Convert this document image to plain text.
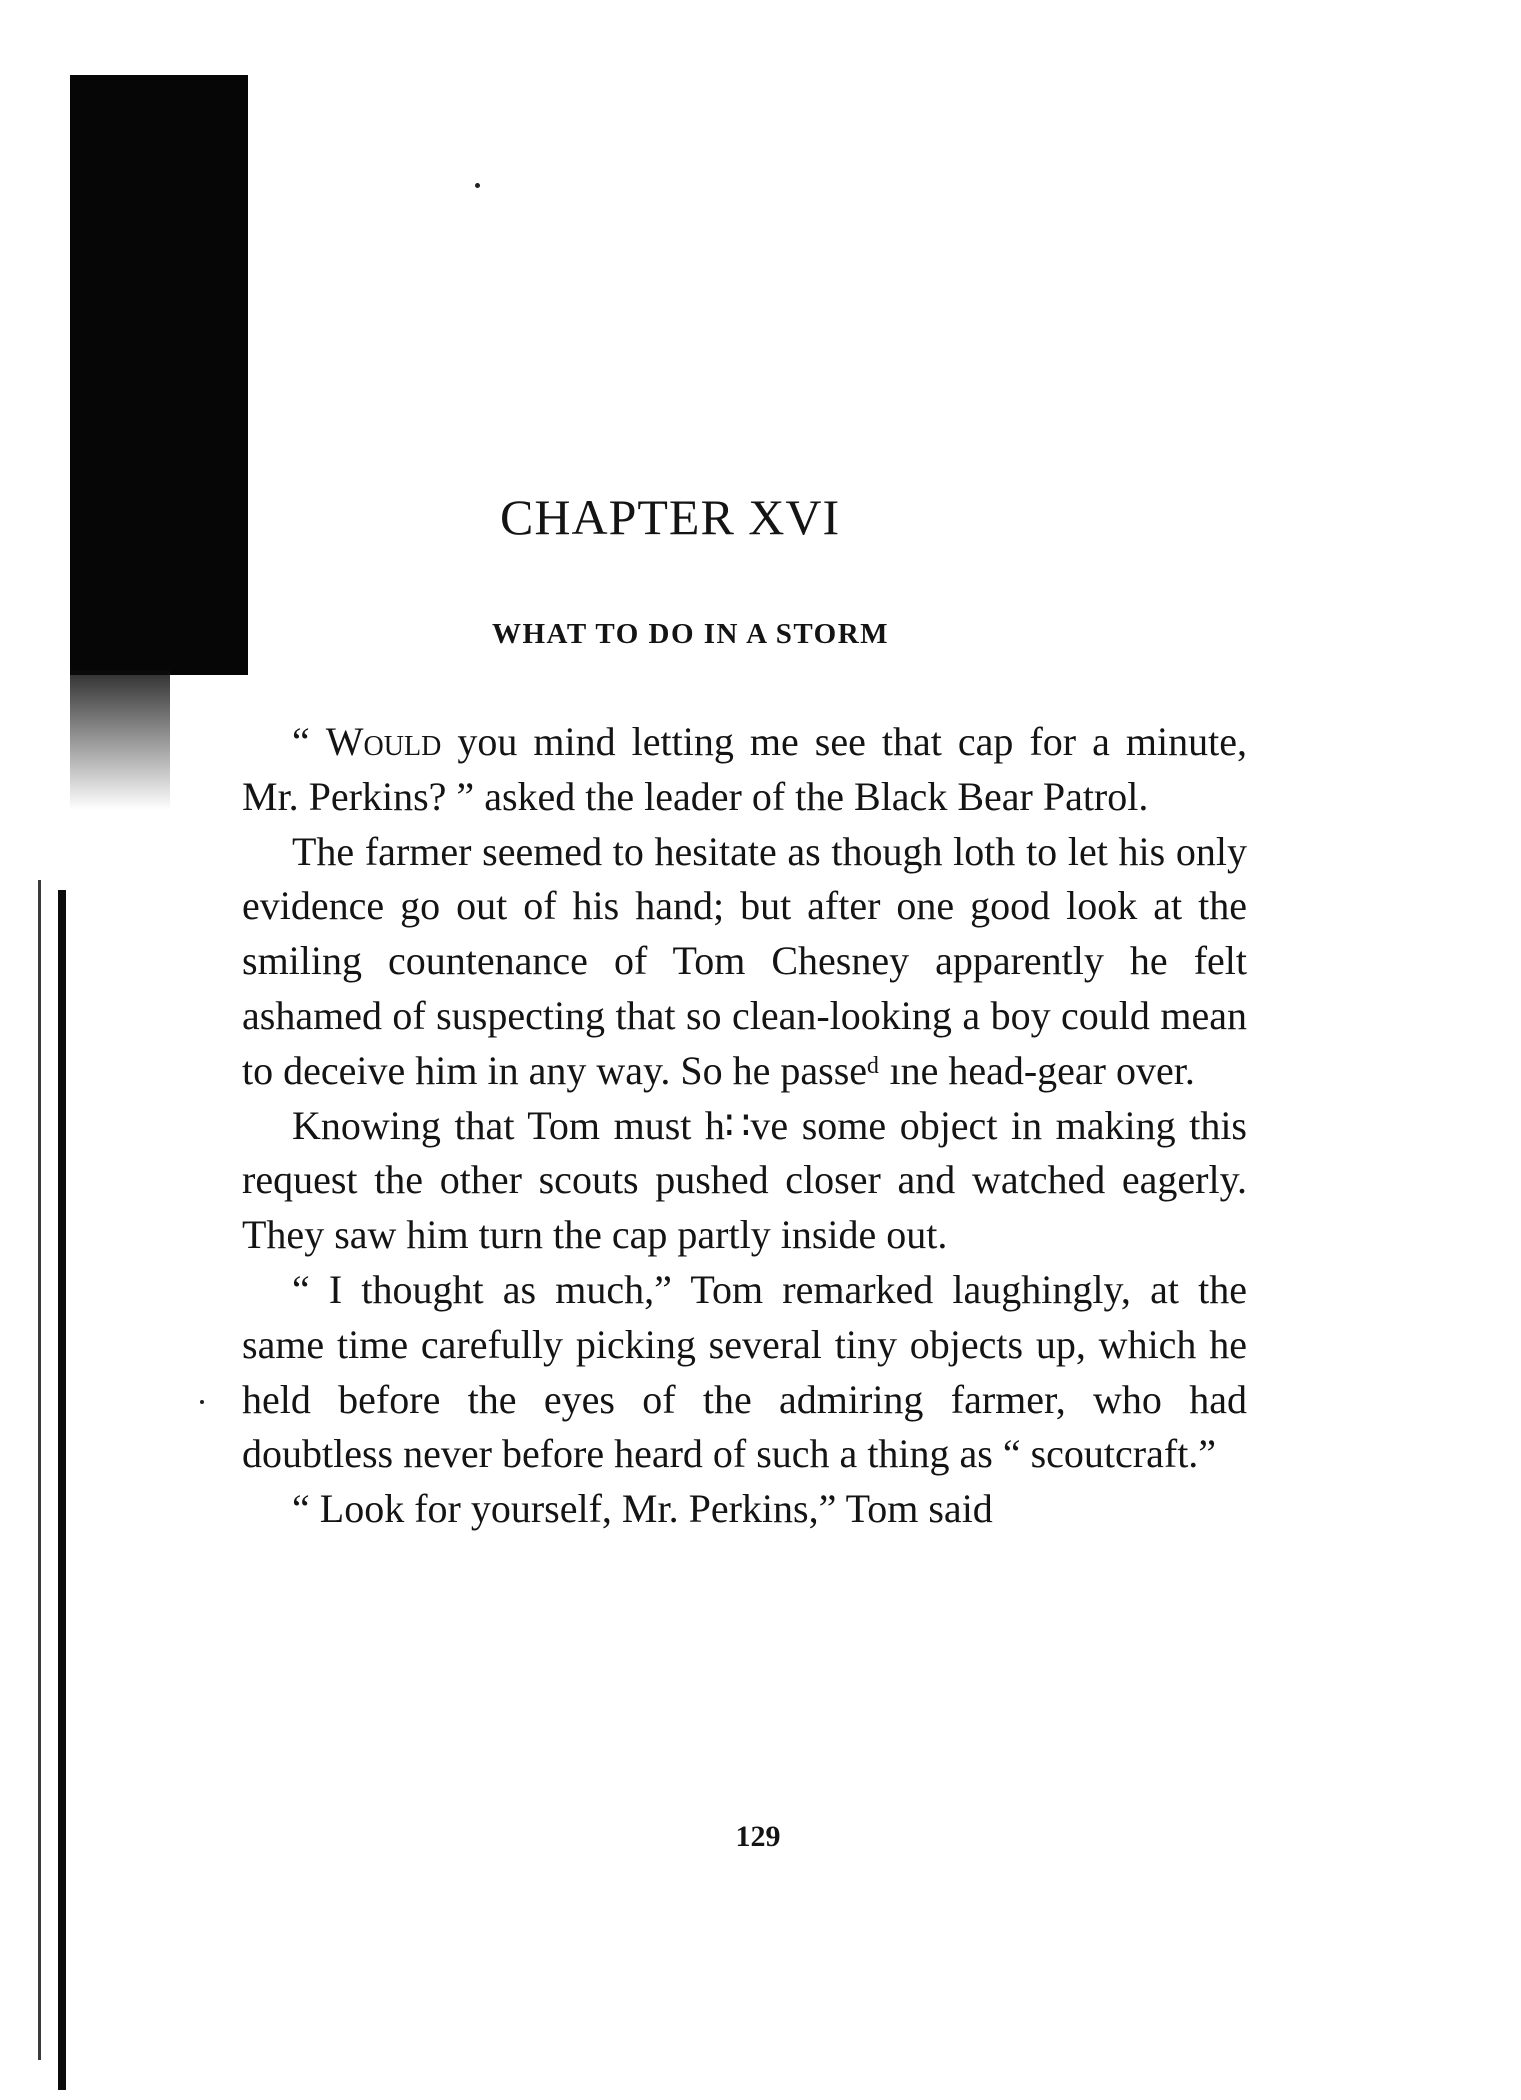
CHAPTER XVI
WHAT TO DO IN A STORM

“ Would you mind letting me see that cap for a minute, Mr. Perkins? ” asked the leader of the Black Bear Patrol.

The farmer seemed to hesitate as though loth to let his only evidence go out of his hand; but after one good look at the smiling countenance of Tom Chesney apparently he felt ashamed of suspecting that so clean-looking a boy could mean to deceive him in any way. So he passeᵈ ıne head-gear over.

Knowing that Tom must h∷ve some object in making this request the other scouts pushed closer and watched eagerly. They saw him turn the cap partly inside out.

“ I thought as much,” Tom remarked laughingly, at the same time carefully picking several tiny objects up, which he held before the eyes of the admiring farmer, who had doubtless never before heard of such a thing as “ scoutcraft.”

“ Look for yourself, Mr. Perkins,” Tom said

129
